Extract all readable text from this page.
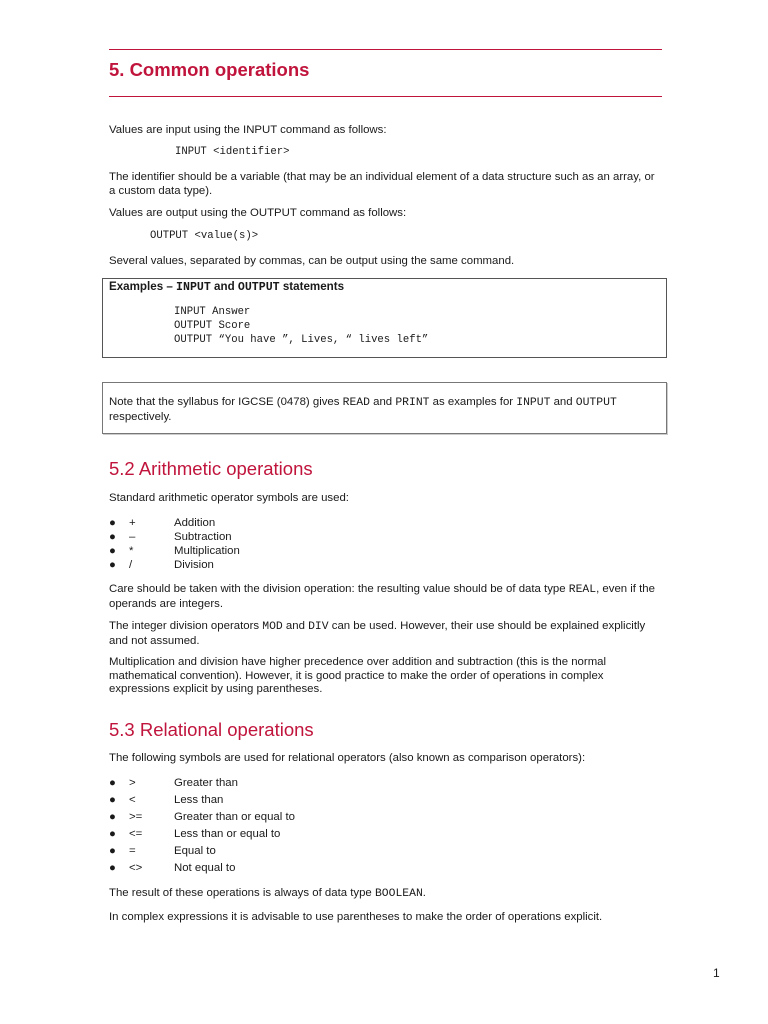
5. Common operations

Values are input using the INPUT command as follows:

INPUT <identifier>

The identifier should be a variable (that may be an individual element of a data structure such as an array, or a custom data type).

Values are output using the OUTPUT command as follows:

OUTPUT <value(s)>

Several values, separated by commas, can be output using the same command.

Examples – INPUT and OUTPUT statements

INPUT Answer

OUTPUT Score

OUTPUT “You have ”, Lives, “ lives left”

Note that the syllabus for IGCSE (0478) gives READ and PRINT as examples for INPUT and OUTPUT respectively.

5.2 Arithmetic operations

Standard arithmetic operator symbols are used:

● +	Addition
● –	Subtraction
● *	Multiplication
● /	Division

Care should be taken with the division operation: the resulting value should be of data type REAL, even if the operands are integers.

The integer division operators MOD and DIV can be used. However, their use should be explained explicitly and not assumed.

Multiplication and division have higher precedence over addition and subtraction (this is the normal mathematical convention). However, it is good practice to make the order of operations in complex expressions explicit by using parentheses.

5.3 Relational operations

The following symbols are used for relational operators (also known as comparison operators):

● >	Greater than
● <	Less than
● >=	Greater than or equal to
● <=	Less than or equal to
● =	Equal to
● <>	Not equal to

The result of these operations is always of data type BOOLEAN.

In complex expressions it is advisable to use parentheses to make the order of operations explicit.

1
